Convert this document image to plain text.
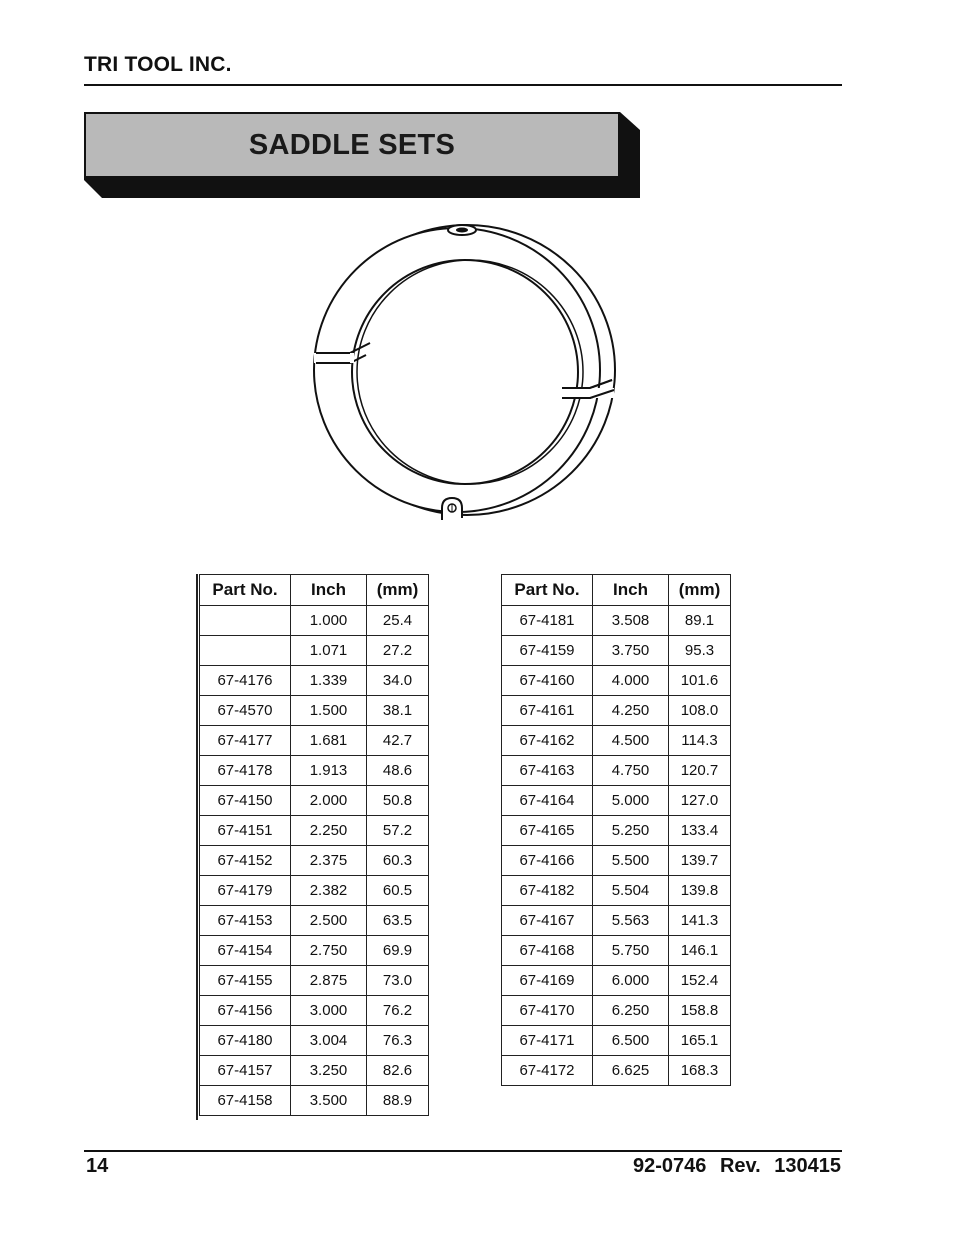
TRI TOOL INC.
SADDLE SETS
Part No.	Inch	(mm)
	1.000	25.4
	1.071	27.2
67-4176	1.339	34.0
67-4570	1.500	38.1
67-4177	1.681	42.7
67-4178	1.913	48.6
67-4150	2.000	50.8
67-4151	2.250	57.2
67-4152	2.375	60.3
67-4179	2.382	60.5
67-4153	2.500	63.5
67-4154	2.750	69.9
67-4155	2.875	73.0
67-4156	3.000	76.2
67-4180	3.004	76.3
67-4157	3.250	82.6
67-4158	3.500	88.9
Part No.	Inch	(mm)
67-4181	3.508	89.1
67-4159	3.750	95.3
67-4160	4.000	101.6
67-4161	4.250	108.0
67-4162	4.500	114.3
67-4163	4.750	120.7
67-4164	5.000	127.0
67-4165	5.250	133.4
67-4166	5.500	139.7
67-4182	5.504	139.8
67-4167	5.563	141.3
67-4168	5.750	146.1
67-4169	6.000	152.4
67-4170	6.250	158.8
67-4171	6.500	165.1
67-4172	6.625	168.3
14	92-0746 Rev. 130415
